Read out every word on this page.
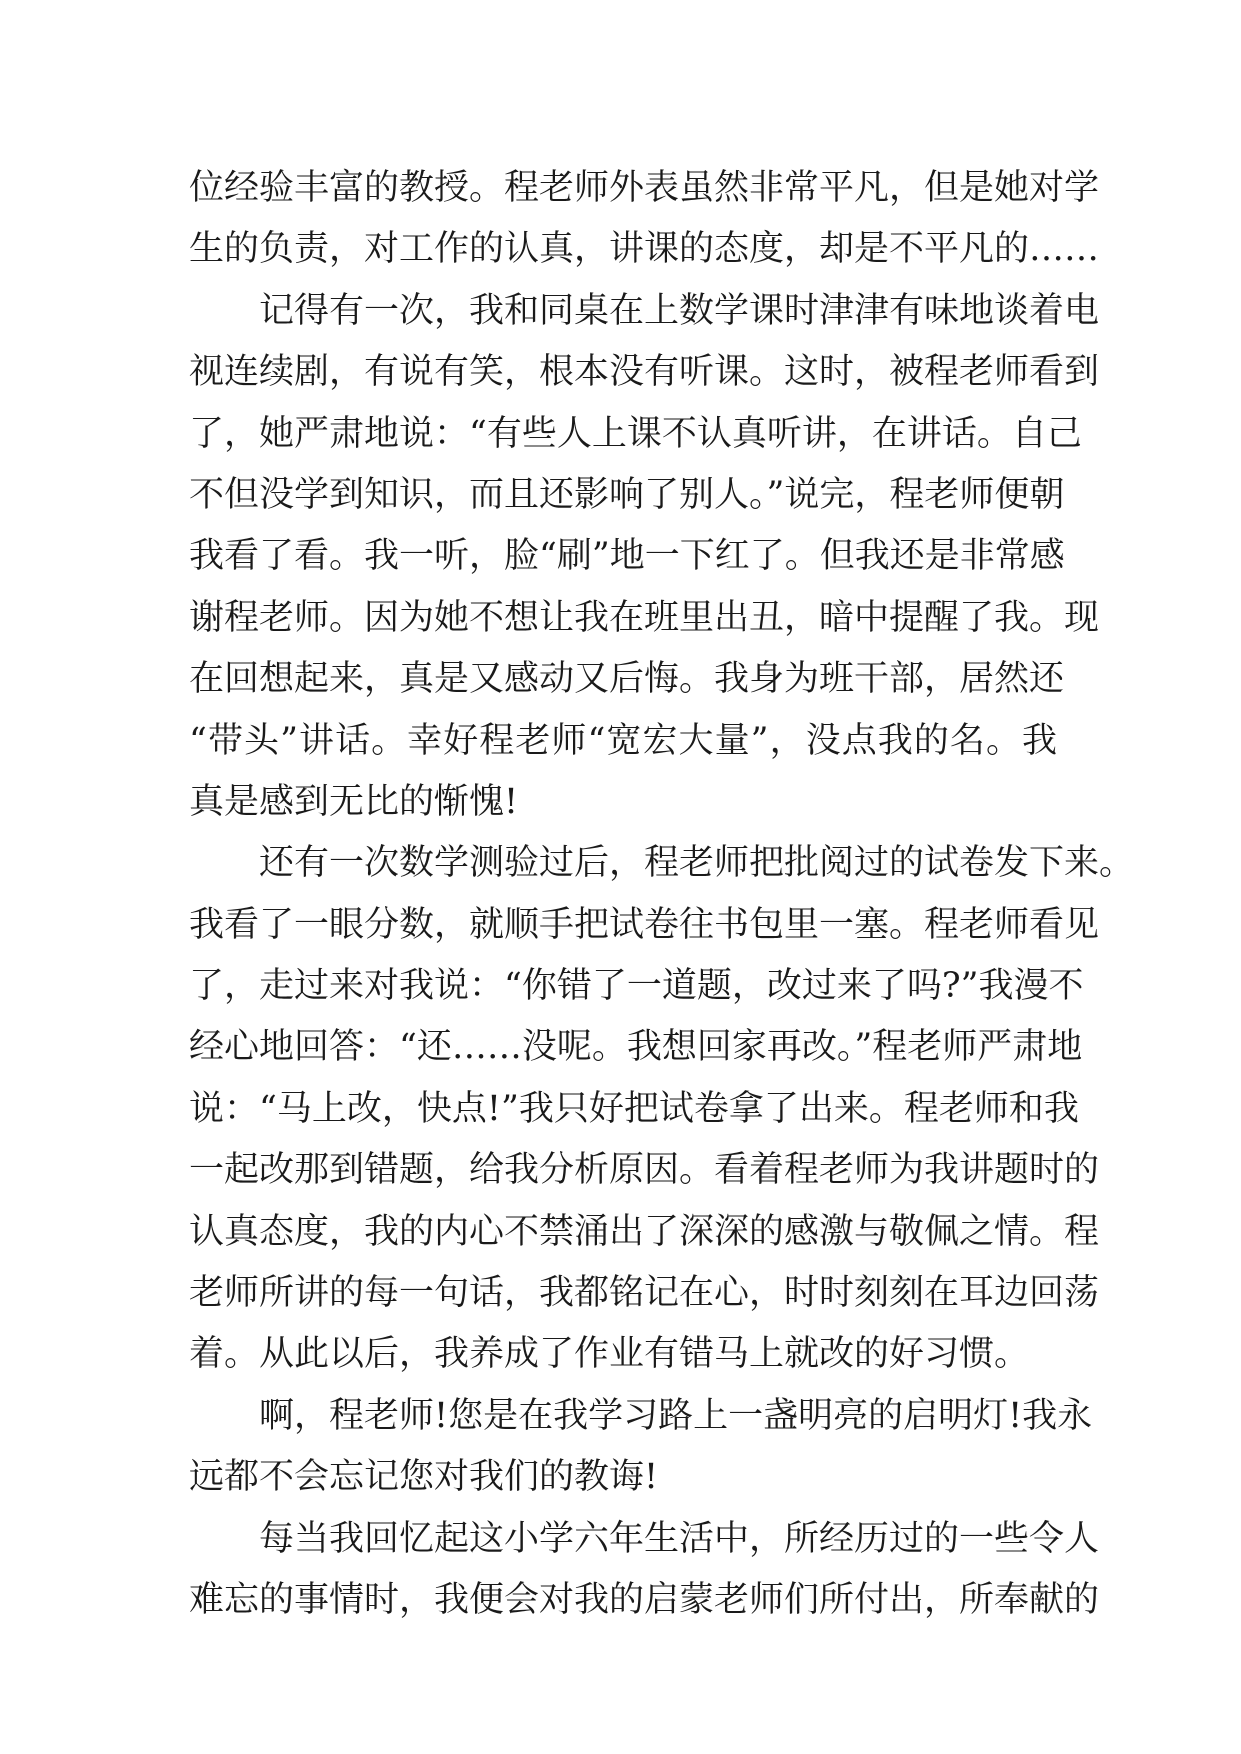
位经验丰富的教授。程老师外表虽然非常平凡，但是她对学
生的负责，对工作的认真，讲课的态度，却是不平凡的……
记得有一次，我和同桌在上数学课时津津有味地谈着电
视连续剧，有说有笑，根本没有听课。这时，被程老师看到
了，她严肃地说：“有些人上课不认真听讲，在讲话。自己
不但没学到知识，而且还影响了别人。”说完，程老师便朝
我看了看。我一听，脸“刷”地一下红了。但我还是非常感
谢程老师。因为她不想让我在班里出丑，暗中提醒了我。现
在回想起来，真是又感动又后悔。我身为班干部，居然还
“带头”讲话。幸好程老师“宽宏大量”，没点我的名。我
真是感到无比的惭愧!
还有一次数学测验过后，程老师把批阅过的试卷发下来。
我看了一眼分数，就顺手把试卷往书包里一塞。程老师看见
了，走过来对我说：“你错了一道题，改过来了吗?”我漫不
经心地回答：“还……没呢。我想回家再改。”程老师严肃地
说：“马上改，快点!”我只好把试卷拿了出来。程老师和我
一起改那到错题，给我分析原因。看着程老师为我讲题时的
认真态度，我的内心不禁涌出了深深的感激与敬佩之情。程
老师所讲的每一句话，我都铭记在心，时时刻刻在耳边回荡
着。从此以后，我养成了作业有错马上就改的好习惯。
啊，程老师!您是在我学习路上一盏明亮的启明灯!我永
远都不会忘记您对我们的教诲!
每当我回忆起这小学六年生活中，所经历过的一些令人
难忘的事情时，我便会对我的启蒙老师们所付出，所奉献的
